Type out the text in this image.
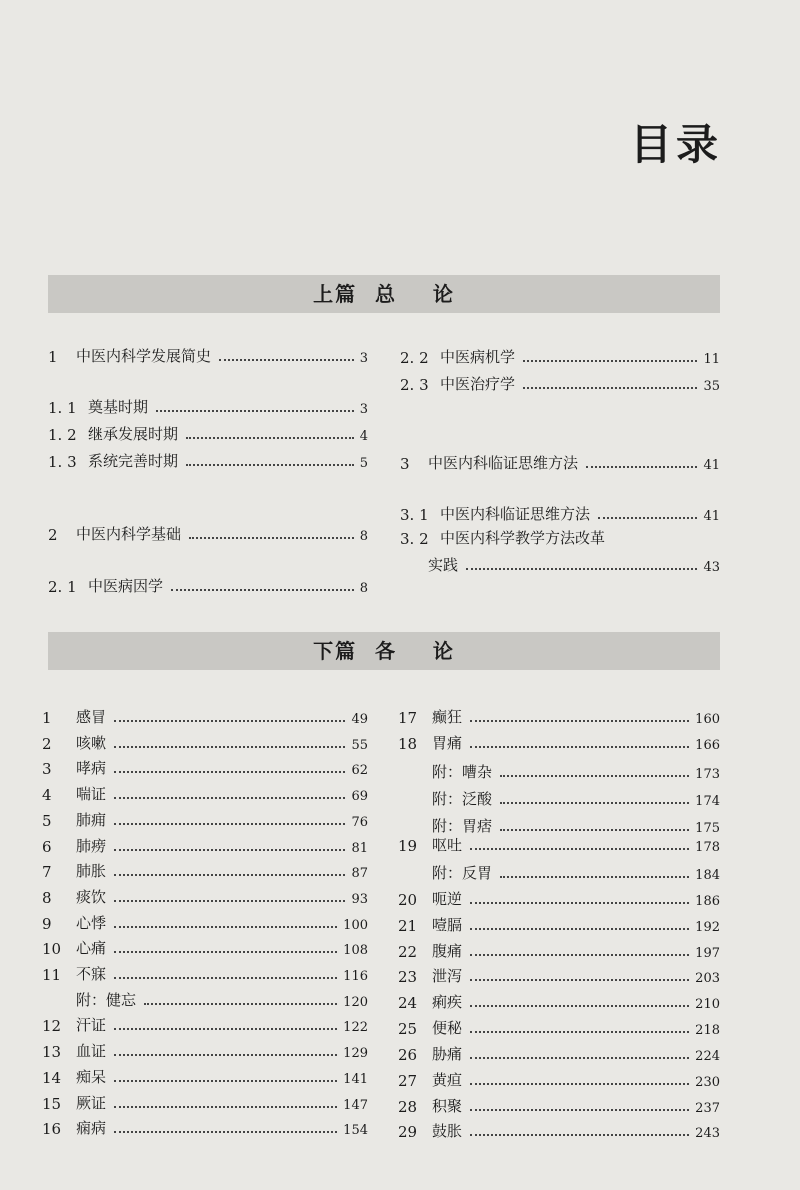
目录
上篇  总    论
下篇  各    论
1	中医内科学发展简史	3
1. 1 奠基时期	3
1. 2 继承发展时期	4
1. 3 系统完善时期	5
2	中医内科学基础	8
2. 1 中医病因学	8
2. 2 中医病机学	11
2. 3 中医治疗学	35
3	中医内科临证思维方法	41
3. 1 中医内科临证思维方法	41
3. 2 中医内科学教学方法改革
实践	43
1	感冒	49
2	咳嗽	55
3	哮病	62
4	喘证	69
5	肺痈	76
6	肺痨	81
7	肺胀	87
8	痰饮	93
9	心悸	100
10 心痛	108
11 不寐	116
附：健忘	120
12 汗证	122
13 血证	129
14 痴呆	141
15 厥证	147
16 痫病	154
17 癫狂	160
18 胃痛	166
附：嘈杂	173
附：泛酸	174
附：胃痞	175
19 呕吐	178
附：反胃	184
20 呃逆	186
21 噎膈	192
22 腹痛	197
23 泄泻	203
24 痢疾	210
25 便秘	218
26 胁痛	224
27 黄疸	230
28 积聚	237
29 鼓胀	243
